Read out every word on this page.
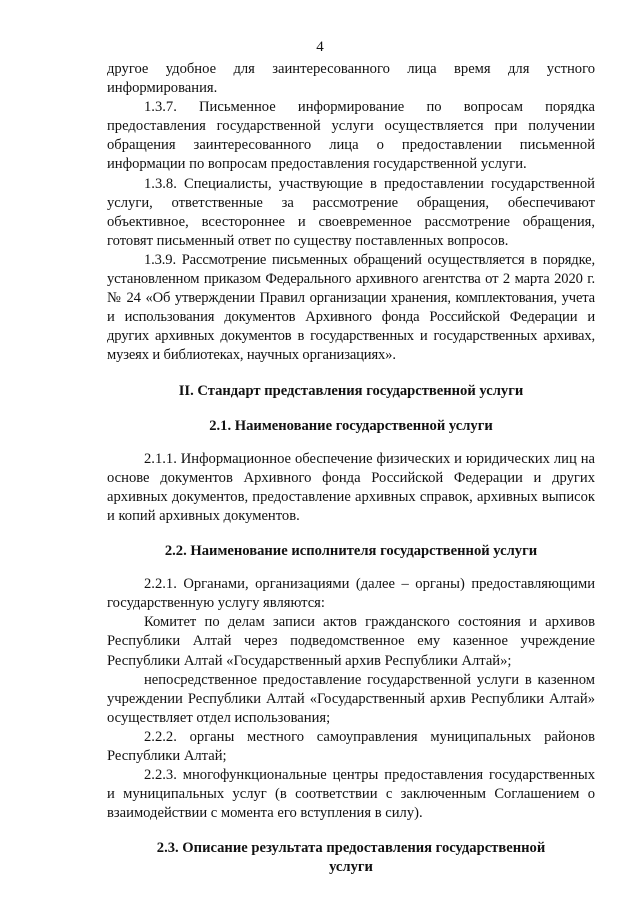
4

другое удобное для заинтересованного лица время для устного информирования.

1.3.7. Письменное информирование по вопросам порядка предоставления государственной услуги осуществляется при получении обращения заинтересованного лица о предоставлении письменной информации по вопросам предоставления государственной услуги.

1.3.8. Специалисты, участвующие в предоставлении государственной услуги, ответственные за рассмотрение обращения, обеспечивают объективное, всестороннее и своевременное рассмотрение обращения, готовят письменный ответ по существу поставленных вопросов.

1.3.9. Рассмотрение письменных обращений осуществляется в порядке, установленном приказом Федерального архивного агентства от 2 марта 2020 г. № 24 «Об утверждении Правил организации хранения, комплектования, учета и использования документов Архивного фонда Российской Федерации и других архивных документов в государственных и государственных архивах, музеях и библиотеках, научных организациях».

II. Стандарт представления государственной услуги
2.1. Наименование государственной услуги

2.1.1. Информационное обеспечение физических и юридических лиц на основе документов Архивного фонда Российской Федерации и других архивных документов, предоставление архивных справок, архивных выписок и копий архивных документов.

2.2. Наименование исполнителя государственной услуги

2.2.1. Органами, организациями (далее – органы) предоставляющими государственную услугу являются:

Комитет по делам записи актов гражданского состояния и архивов Республики Алтай через подведомственное ему казенное учреждение Республики Алтай «Государственный архив Республики Алтай»;

непосредственное предоставление государственной услуги в казенном учреждении Республики Алтай «Государственный архив Республики Алтай» осуществляет отдел использования;

2.2.2. органы местного самоуправления муниципальных районов Республики Алтай;

2.2.3. многофункциональные центры предоставления государственных и муниципальных услуг (в соответствии с заключенным Соглашением о взаимодействии с момента его вступления в силу).

2.3. Описание результата предоставления государственной
услуги
